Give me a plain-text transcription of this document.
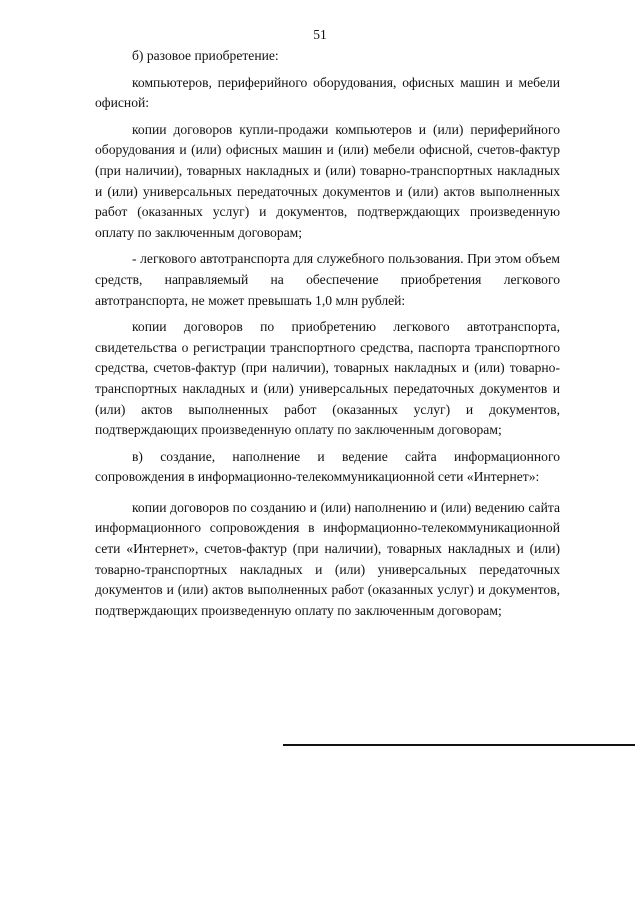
51

б) разовое приобретение:

компьютеров, периферийного оборудования, офисных машин и мебели офисной:

копии договоров купли-продажи компьютеров и (или) периферийного оборудования и (или) офисных машин и (или) мебели офисной, счетов-фактур (при наличии), товарных накладных и (или) товарно-транспортных накладных и (или) универсальных передаточных документов и (или) актов выполненных работ (оказанных услуг) и документов, подтверждающих произведенную оплату по заключенным договорам;

- легкового автотранспорта для служебного пользования. При этом объем средств, направляемый на обеспечение приобретения легкового автотранспорта, не может превышать 1,0 млн рублей:

копии договоров по приобретению легкового автотранспорта, свидетельства о регистрации транспортного средства, паспорта транспортного средства, счетов-фактур (при наличии), товарных накладных и (или) товарно-транспортных накладных и (или) универсальных передаточных документов и (или) актов выполненных работ (оказанных услуг) и документов, подтверждающих произведенную оплату по заключенным договорам;

в) создание, наполнение и ведение сайта информационного сопровождения в информационно-телекоммуникационной сети «Интернет»:

копии договоров по созданию и (или) наполнению и (или) ведению сайта информационного сопровождения в информационно-телекоммуникационной сети «Интернет», счетов-фактур (при наличии), товарных накладных и (или) товарно-транспортных накладных и (или) универсальных передаточных документов и (или) актов выполненных работ (оказанных услуг) и документов, подтверждающих произведенную оплату по заключенным договорам;
